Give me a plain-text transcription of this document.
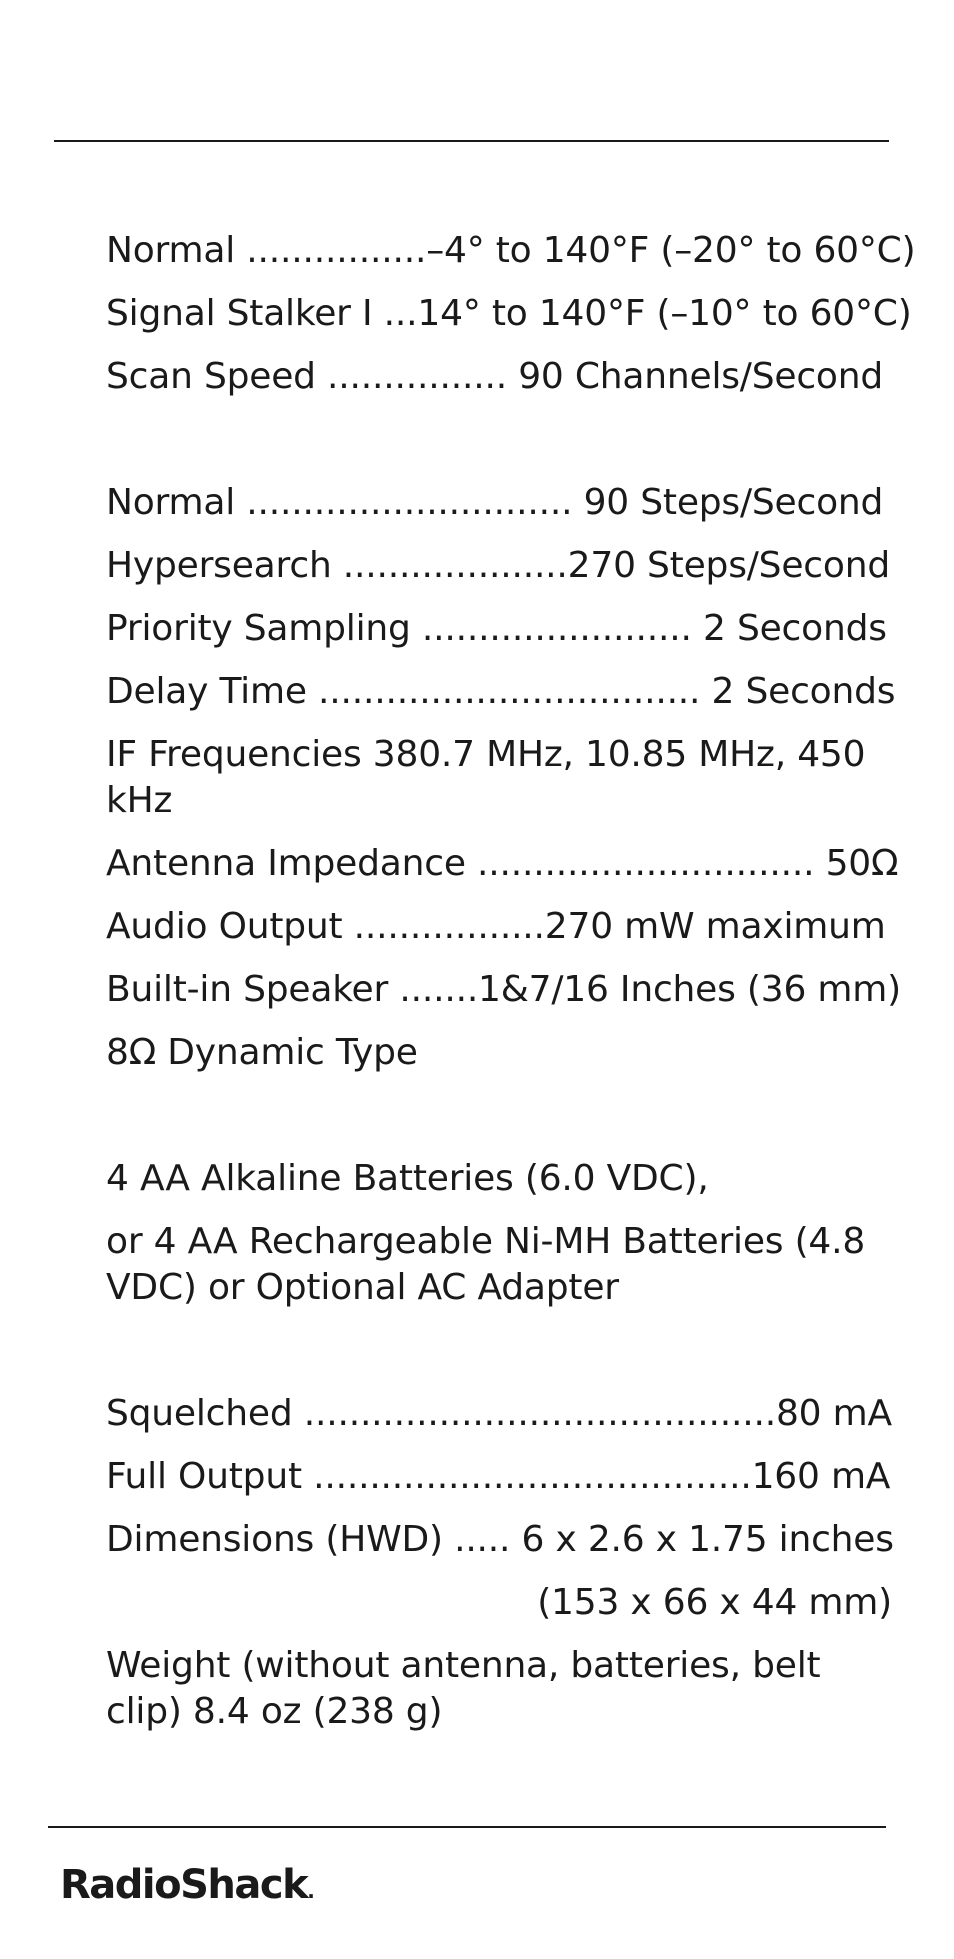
Normal ................–4° to 140°F (–20° to 60°C)
Signal Stalker I ...14° to 140°F (–10° to 60°C)
Scan Speed ................ 90 Channels/Second
Normal ............................. 90 Steps/Second
Hypersearch ....................270 Steps/Second
Priority Sampling ........................ 2 Seconds
Delay Time .................................. 2 Seconds
IF Frequencies 380.7 MHz, 10.85 MHz, 450 kHz
Antenna Impedance .............................. 50Ω
Audio Output .................270 mW maximum
Built-in Speaker .......1&7/16 Inches (36 mm)
8Ω Dynamic Type
4 AA Alkaline Batteries (6.0 VDC),
or 4 AA Rechargeable Ni-MH Batteries (4.8 VDC) or Optional AC Adapter
Squelched ..........................................80 mA
Full Output .......................................160 mA
Dimensions (HWD) ..... 6 x 2.6 x 1.75 inches
(153 x 66 x 44 mm)
Weight (without antenna, batteries, belt clip) 8.4 oz (238 g)
RadioShack.
